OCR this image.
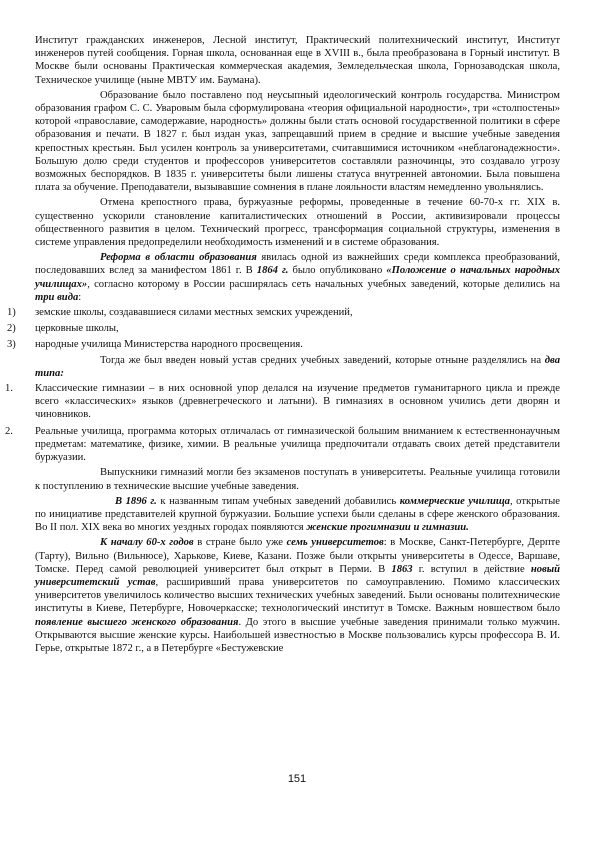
Институт гражданских инженеров, Лесной институт, Практический политехнический институт, Институт инженеров путей сообщения. Горная школа, основанная еще в XVIII в., была преобразована в Горный институт. В Москве были основаны Практическая коммерческая академия, Земледельческая школа, Горнозаводская школа, Техническое училище (ныне МВТУ им. Баумана).

Образование было поставлено под неусыпный идеологический контроль государства. Министром образования графом С. С. Уваровым была сформулирована «теория официальной народности», три «столпостены» которой «православие, самодержавие, народность» должны были стать основой государственной политики в сфере образования и печати. В 1827 г. был издан указ, запрещавший прием в средние и высшие учебные заведения крепостных крестьян. Был усилен контроль за университетами, считавшимися источником «неблагонадежности». Большую долю среди студентов и профессоров университетов составляли разночинцы, это создавало угрозу возможных беспорядков. В 1835 г. университеты были лишены статуса внутренней автономии. Была повышена плата за обучение. Преподаватели, вызывавшие сомнения в плане лояльности властям немедленно увольнялись.

Отмена крепостного права, буржуазные реформы, проведенные в течение 60-70-х гг. XIX в. существенно ускорили становление капиталистических отношений в России, активизировали процессы общественного развития в целом. Технический прогресс, трансформация социальной структуры, изменения в системе управления предопределили необходимость изменений и в системе образования.

Реформа в области образования явилась одной из важнейших среди комплекса преобразований, последовавших вслед за манифестом 1861 г. В 1864 г. было опубликовано «Положение о начальных народных училищах», согласно которому в России расширялась сеть начальных учебных заведений, которые делились на три вида:

1)	земские школы, создававшиеся силами местных земских учреждений,
2)	церковные школы,
3)	народные училища Министерства народного просвещения.

Тогда же был введен новый устав средних учебных заведений, которые отныне разделялись на два типа:

1. Классические гимназии – в них основной упор делался на изучение предметов гуманитарного цикла и прежде всего «классических» языков (древнегреческого и латыни). В гимназиях в основном учились дети дворян и чиновников.
2. Реальные училища, программа которых отличалась от гимназической большим вниманием к естественнонаучным предметам: математике, физике, химии. В реальные училища предпочитали отдавать своих детей представители буржуазии.

Выпускники гимназий могли без экзаменов поступать в университеты. Реальные училища готовили к поступлению в технические высшие учебные заведения.

В 1896 г. к названным типам учебных заведений добавились коммерческие училища, открытые по инициативе представителей крупной буржуазии. Большие успехи были сделаны в сфере женского образования. Во II пол. XIX века во многих уездных городах появляются женские прогимназии и гимназии.

К началу 60-х годов в стране было уже семь университетов: в Москве, Санкт-Петербурге, Дерпте (Тарту), Вильно (Вильнюсе), Харькове, Киеве, Казани. Позже были открыты университеты в Одессе, Варшаве, Томске. Перед самой революцией университет был открыт в Перми. В 1863 г. вступил в действие новый университетский устав, расширивший права университетов по самоуправлению. Помимо классических университетов увеличилось количество высших технических учебных заведений. Были основаны политехнические институты в Киеве, Петербурге, Новочеркасске; технологический институт в Томске. Важным новшеством было появление высшего женского образования. До этого в высшие учебные заведения принимали только мужчин. Открываются высшие женские курсы. Наибольшей известностью в Москве пользовались курсы профессора В. И. Герье, открытые 1872 г., а в Петербурге «Бестужевские

151
